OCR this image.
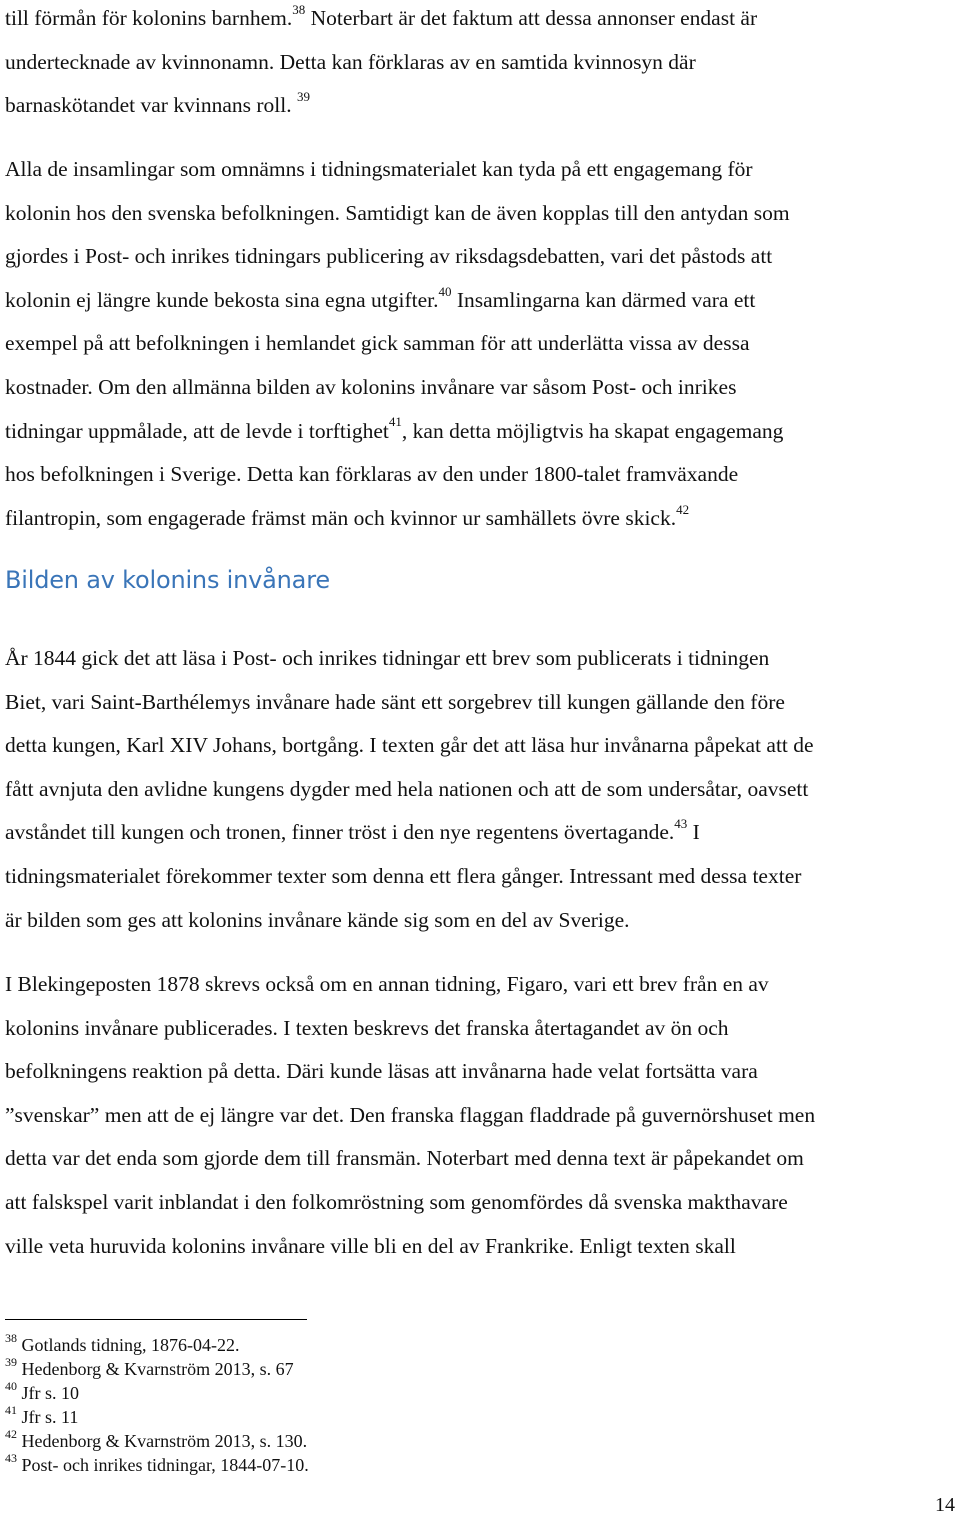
till förmån för kolonins barnhem.$^{38}$ Noterbart är det faktum att dessa annonser endast är
undertecknade av kvinnonamn. Detta kan förklaras av en samtida kvinnosyn där
barnaskötandet var kvinnans roll. $^{39}$
Alla de insamlingar som omnämns i tidningsmaterialet kan tyda på ett engagemang för
kolonin hos den svenska befolkningen. Samtidigt kan de även kopplas till den antydan som
gjordes i Post- och inrikes tidningars publicering av riksdagsdebatten, vari det påstods att
kolonin ej längre kunde bekosta sina egna utgifter.$^{40}$ Insamlingarna kan därmed vara ett
exempel på att befolkningen i hemlandet gick samman för att underlätta vissa av dessa
kostnader. Om den allmänna bilden av kolonins invånare var såsom Post- och inrikes
tidningar uppmålade, att de levde i torftighet$^{41}$, kan detta möjligtvis ha skapat engagemang
hos befolkningen i Sverige. Detta kan förklaras av den under 1800-talet framväxande
filantropin, som engagerade främst män och kvinnor ur samhällets övre skick.$^{42}$
Bilden av kolonins invånare
År 1844 gick det att läsa i Post- och inrikes tidningar ett brev som publicerats i tidningen
Biet, vari Saint-Barthélemys invånare hade sänt ett sorgebrev till kungen gällande den före
detta kungen, Karl XIV Johans, bortgång. I texten går det att läsa hur invånarna påpekat att de
fått avnjuta den avlidne kungens dygder med hela nationen och att de som undersåtar, oavsett
avståndet till kungen och tronen, finner tröst i den nye regentens övertagande.$^{43}$ I
tidningsmaterialet förekommer texter som denna ett flera gånger. Intressant med dessa texter
är bilden som ges att kolonins invånare kände sig som en del av Sverige.
I Blekingeposten 1878 skrevs också om en annan tidning, Figaro, vari ett brev från en av
kolonins invånare publicerades. I texten beskrevs det franska återtagandet av ön och
befolkningens reaktion på detta. Däri kunde läsas att invånarna hade velat fortsätta vara
”svenskar” men att de ej längre var det. Den franska flaggan fladdrade på guvernörshuset men
detta var det enda som gjorde dem till fransmän. Noterbart med denna text är påpekandet om
att falskspel varit inblandat i den folkomröstning som genomfördes då svenska makthavare
ville veta huruvida kolonins invånare ville bli en del av Frankrike. Enligt texten skall
$^{38}$ Gotlands tidning, 1876-04-22.
$^{39}$ Hedenborg & Kvarnström 2013, s. 67
$^{40}$ Jfr s. 10
$^{41}$ Jfr s. 11
$^{42}$ Hedenborg & Kvarnström 2013, s. 130.
$^{43}$ Post- och inrikes tidningar, 1844-07-10.
14
